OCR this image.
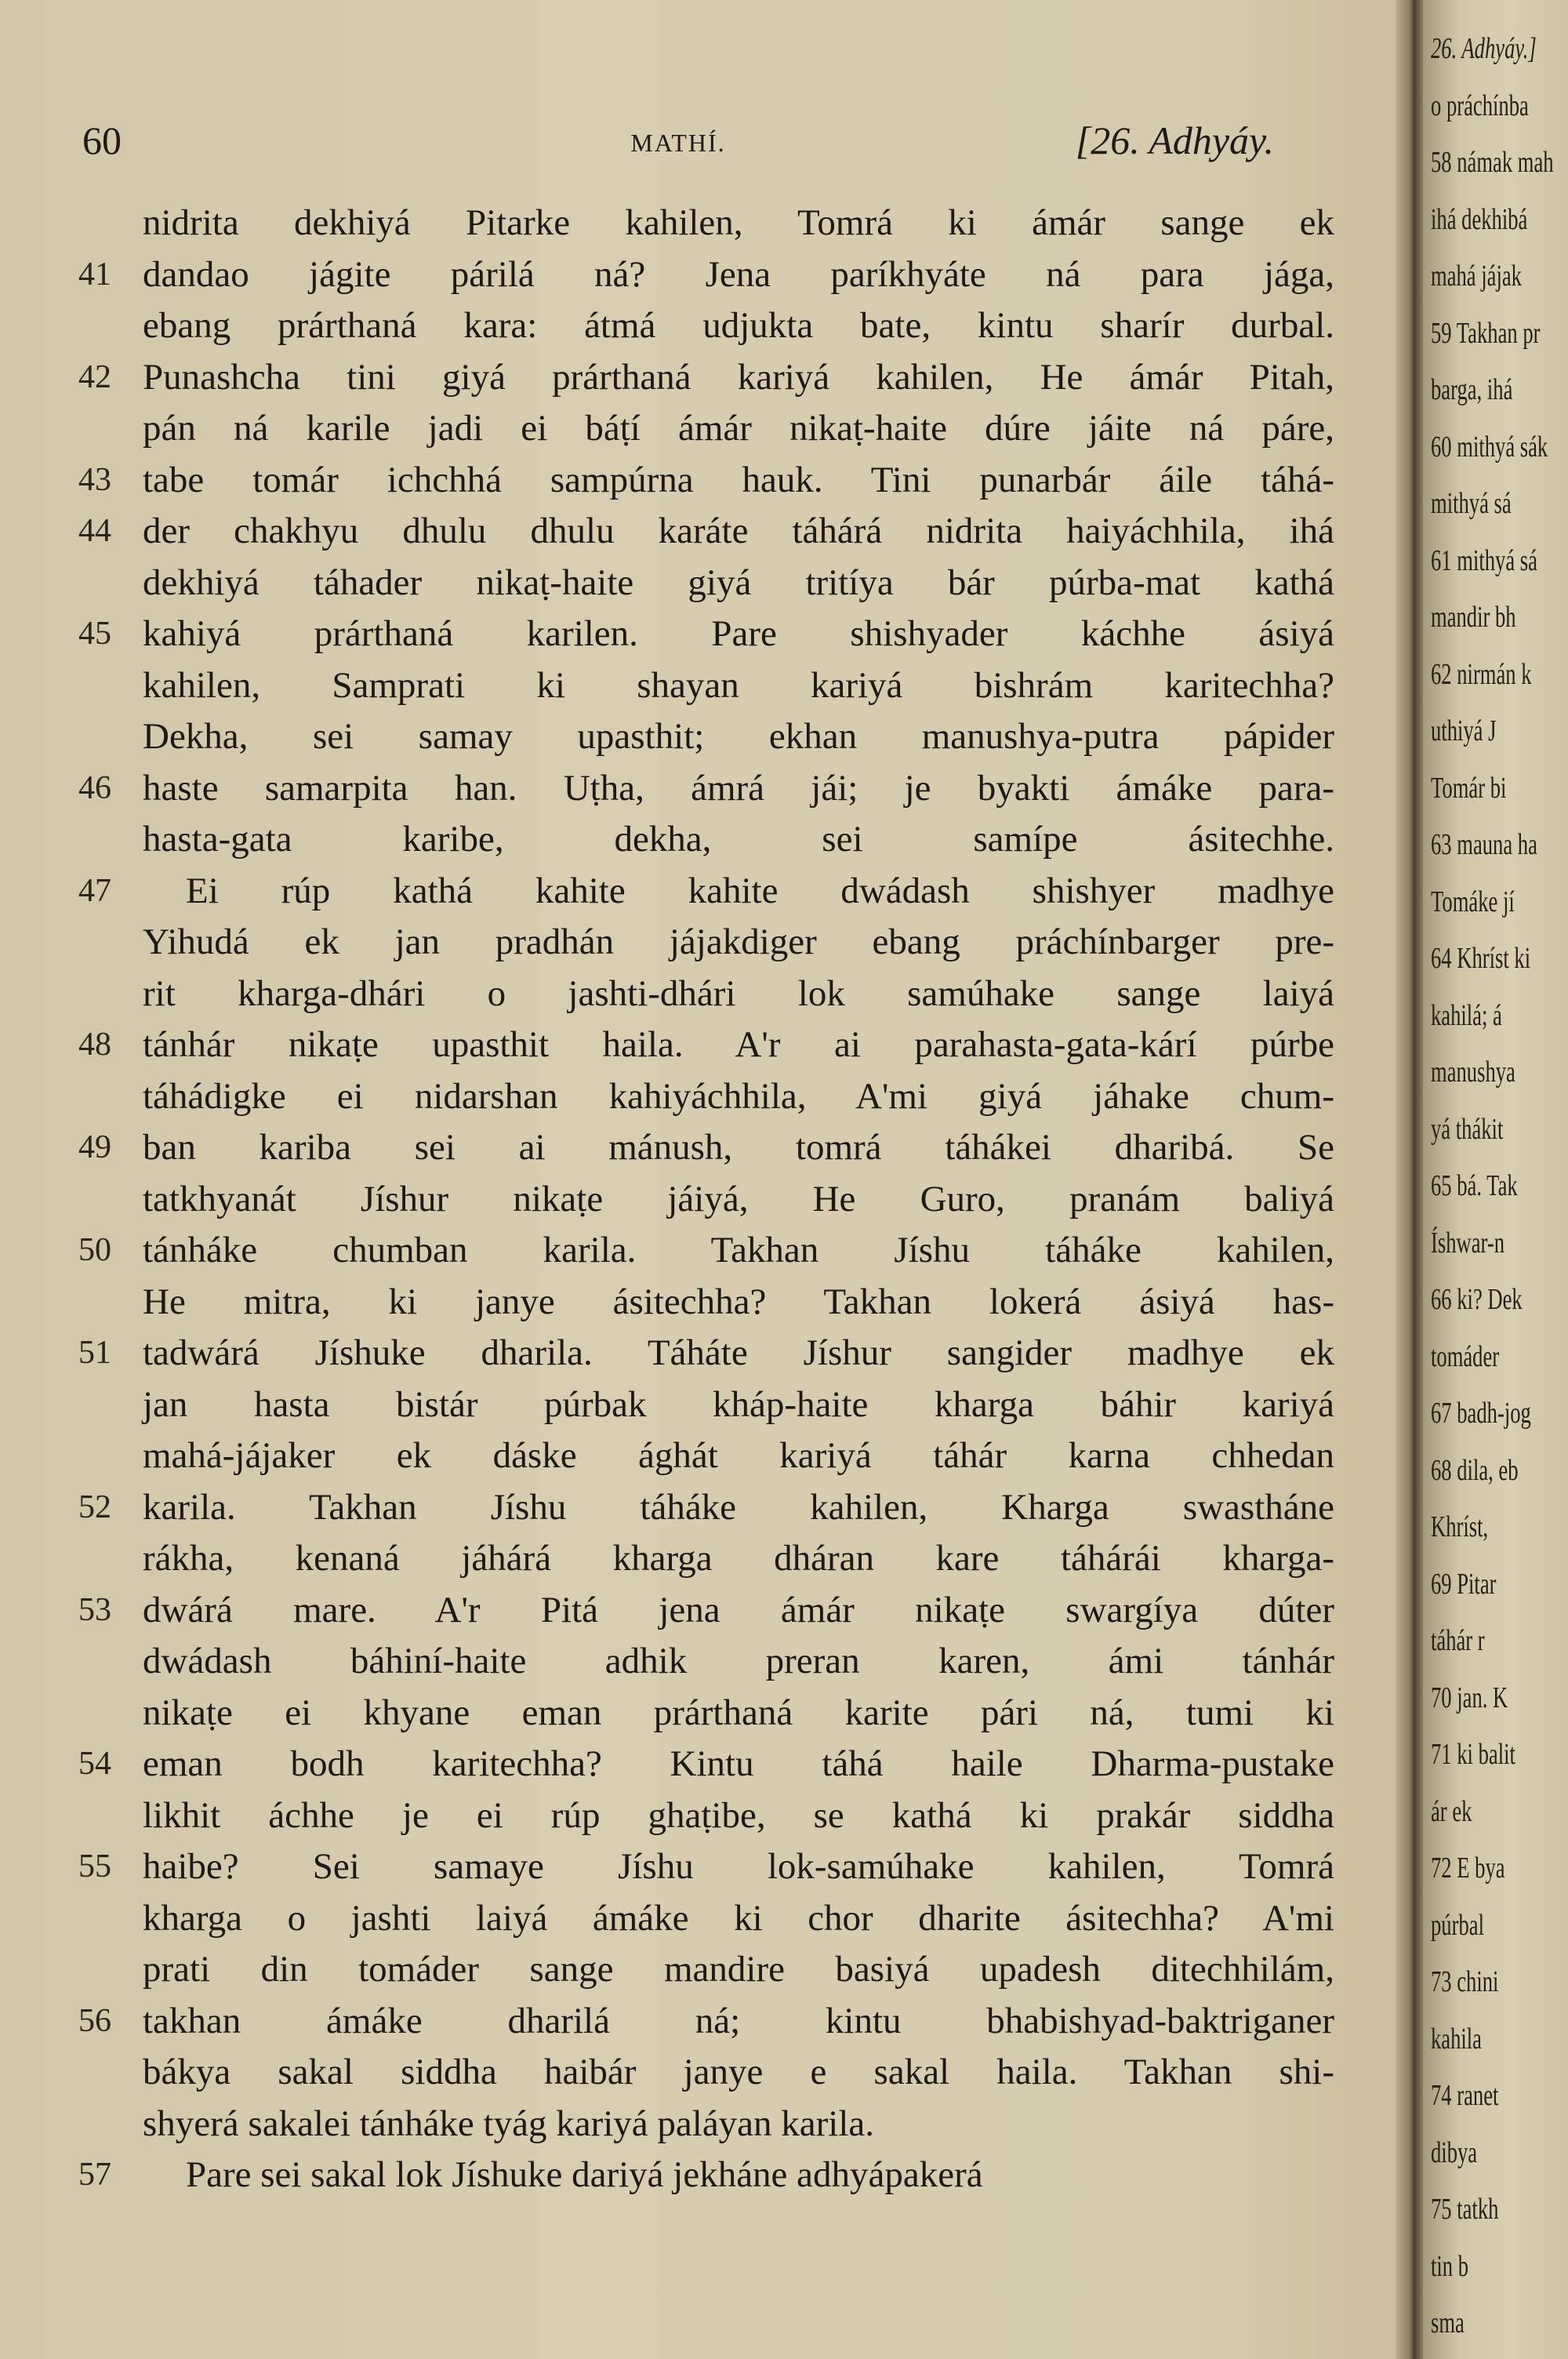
60	MATHÍ.	[26. Adhyáy.
nidrita dekhiyá Pitarke kahilen, Tomrá ki ámár sange ek
41 dandao jágite párilá ná? Jena paríkhyáte ná para jága,
ebang prárthaná kara: átmá udjukta bate, kintu sharír durbal.
42 Punashcha tini giyá prárthaná kariyá kahilen, He ámár Pitah,
pán ná karile jadi ei báṭí ámár nikaṭ-haite dúre jáite ná páre,
43 tabe tomár ichchhá sampúrna hauk. Tini punarbár áile táhá-
44 der chakhyu dhulu dhulu karáte táhárá nidrita haiyáchhila, ihá
dekhiyá táhader nikaṭ-haite giyá tritíya bár púrba-mat kathá
45 kahiyá prárthaná karilen. Pare shishyader káchhe ásiyá
kahilen, Samprati ki shayan kariyá bishrám karitechha?
Dekha, sei samay upasthit; ekhan manushya-putra pápider
46 haste samarpita han. Uṭha, ámrá jái; je byakti ámáke para-
hasta-gata karibe, dekha, sei samípe ásitechhe.
47	Ei rúp kathá kahite kahite dwádash shishyer madhye
Yihudá ek jan pradhán jájakdiger ebang práchínbarger pre-
rit kharga-dhári o jashti-dhári lok samúhake sange laiyá
48 tánhár nikaṭe upasthit haila. A'r ai parahasta-gata-kárí púrbe
táhádigke ei nidarshan kahiyáchhila, A'mi giyá jáhake chum-
49 ban kariba sei ai mánush, tomrá táhákei dharibá. Se
tatkhyanát Jíshur nikaṭe jáiyá, He Guro, pranám baliyá
50 tánháke chumban karila. Takhan Jíshu táháke kahilen,
He mitra, ki janye ásitechha? Takhan lokerá ásiyá has-
51 tadwárá Jíshuke dharila. Táháte Jíshur sangider madhye ek
jan hasta bistár púrbak kháp-haite kharga báhir kariyá
mahá-jájaker ek dáske ághát kariyá táhár karna chhedan
52 karila. Takhan Jíshu táháke kahilen, Kharga swastháne
rákha, kenaná jáhárá kharga dháran kare táhárái kharga-
53 dwárá mare. A'r Pitá jena ámár nikaṭe swargíya dúter
dwádash báhiní-haite adhik preran karen, ámi tánhár
nikaṭe ei khyane eman prárthaná karite pári ná, tumi ki
54 eman bodh karitechha? Kintu táhá haile Dharma-pustake
likhit áchhe je ei rúp ghaṭibe, se kathá ki prakár siddha
55 haibe? Sei samaye Jíshu lok-samúhake kahilen, Tomrá
kharga o jashti laiyá ámáke ki chor dharite ásitechha? A'mi
prati din tomáder sange mandire basiyá upadesh ditechhilám,
56 takhan ámáke dharilá ná; kintu bhabishyad-baktriganer
bákya sakal siddha haibár janye e sakal haila. Takhan shi-
shyerá sakalei tánháke tyág kariyá paláyan karila.
57	Pare sei sakal lok Jíshuke dariyá jekháne adhyápakerá
26. Adhyáy.]
o práchínba
58 námak mah
ihá dekhibá
mahá jájak
59 Takhan pr
barga, ihá
60 mithyá sák
mithyá sá
61 mithyá sá
mandir bh
62 nirmán k
uthiyá J
Tomár bi
63 mauna ha
Tomáke jí
64 Khríst ki
kahilá; á
manushya
yá thákit
65 bá. Tak
Íshwar-n
66 ki? Dek
tomáder
67 badh-jog
68 dila, eb
Khríst,
69 Pitar
táhár r
70 jan. K
71 ki balit
ár ek
72 E bya
púrbal
73 chini
kahila
74 ranet
dibya
75 tatkh
tin b
sma
